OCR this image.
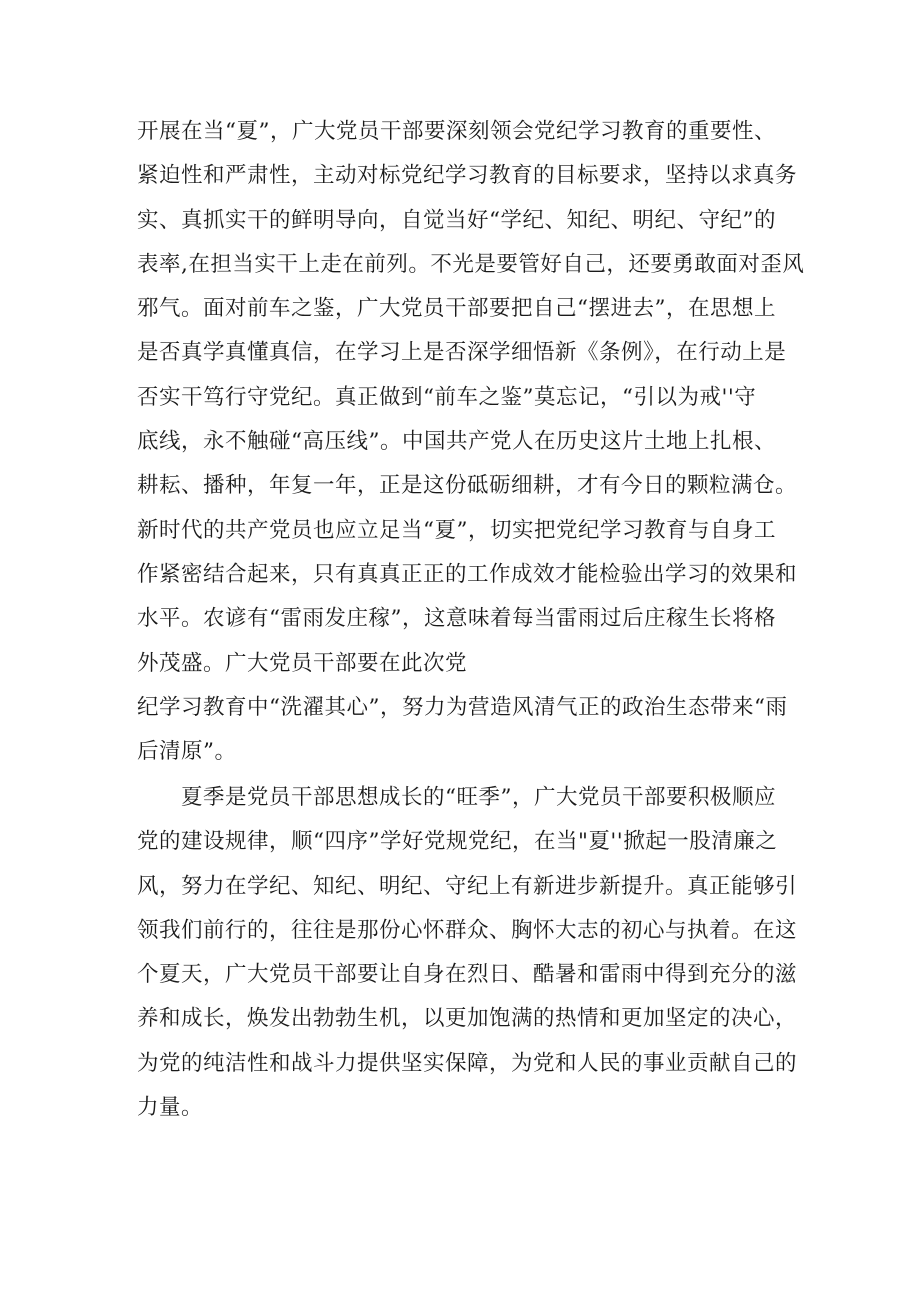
开展在当“夏”，广大党员干部要深刻领会党纪学习教育的重要性、
紧迫性和严肃性，主动对标党纪学习教育的目标要求，坚持以求真务
实、真抓实干的鲜明导向，自觉当好“学纪、知纪、明纪、守纪”的
表率,在担当实干上走在前列。不光是要管好自己，还要勇敢面对歪风
邪气。面对前车之鉴，广大党员干部要把自己“摆进去”，在思想上
是否真学真懂真信，在学习上是否深学细悟新《条例》，在行动上是
否实干笃行守党纪。真正做到“前车之鉴”莫忘记，“引以为戒''守
底线，永不触碰“高压线”。中国共产党人在历史这片土地上扎根、
耕耘、播种，年复一年，正是这份砥砺细耕，才有今日的颗粒满仓。
新时代的共产党员也应立足当“夏”，切实把党纪学习教育与自身工
作紧密结合起来，只有真真正正的工作成效才能检验出学习的效果和
水平。农谚有“雷雨发庄稼”，这意味着每当雷雨过后庄稼生长将格
外茂盛。广大党员干部要在此次党
纪学习教育中“洗濯其心”，努力为营造风清气正的政治生态带来“雨
后清原”。
夏季是党员干部思想成长的“旺季”，广大党员干部要积极顺应
党的建设规律，顺“四序”学好党规党纪，在当"夏''掀起一股清廉之
风，努力在学纪、知纪、明纪、守纪上有新进步新提升。真正能够引
领我们前行的，往往是那份心怀群众、胸怀大志的初心与执着。在这
个夏天，广大党员干部要让自身在烈日、酷暑和雷雨中得到充分的滋
养和成长，焕发出勃勃生机，以更加饱满的热情和更加坚定的决心，
为党的纯洁性和战斗力提供坚实保障，为党和人民的事业贡献自己的
力量。
